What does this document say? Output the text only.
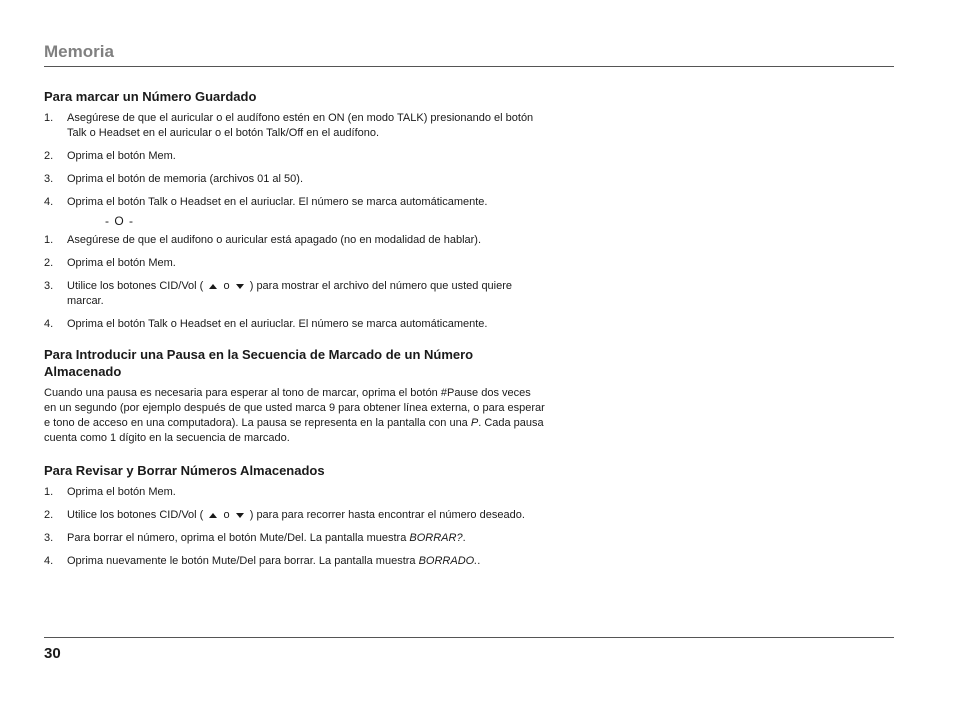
Memoria
Para marcar un Número Guardado
1. Asegúrese de que el auricular o el audífono estén en ON (en modo TALK) presionando el botón Talk o Headset en el auricular o el botón Talk/Off en el audífono.
2. Oprima el botón Mem.
3. Oprima el botón de memoria (archivos 01 al 50).
4. Oprima el botón Talk o Headset en el auriuclar. El número se marca automáticamente.
- O -
1. Asegúrese de que el audifono o auricular está apagado (no en modalidad de hablar).
2. Oprima el botón Mem.
3. Utilice los botones CID/Vol ( o ) para mostrar el archivo del número que usted quiere marcar.
4. Oprima el botón Talk o Headset en el auriuclar. El número se marca automáticamente.
Para Introducir una Pausa en la Secuencia de Marcado de un Número Almacenado
Cuando una pausa es necesaria para esperar al tono de marcar, oprima el botón #Pause dos veces en un segundo (por ejemplo después de que usted marca 9 para obtener línea externa, o para esperar e tono de acceso en una computadora). La pausa se representa en la pantalla con una P. Cada pausa cuenta como 1 dígito en la secuencia de marcado.
Para Revisar y Borrar Números Almacenados
1. Oprima el botón Mem.
2. Utilice los botones CID/Vol ( o ) para para recorrer hasta encontrar el número deseado.
3. Para borrar el número, oprima el botón Mute/Del. La pantalla muestra BORRAR?.
4. Oprima nuevamente le botón Mute/Del para borrar. La pantalla muestra BORRADO..
30
